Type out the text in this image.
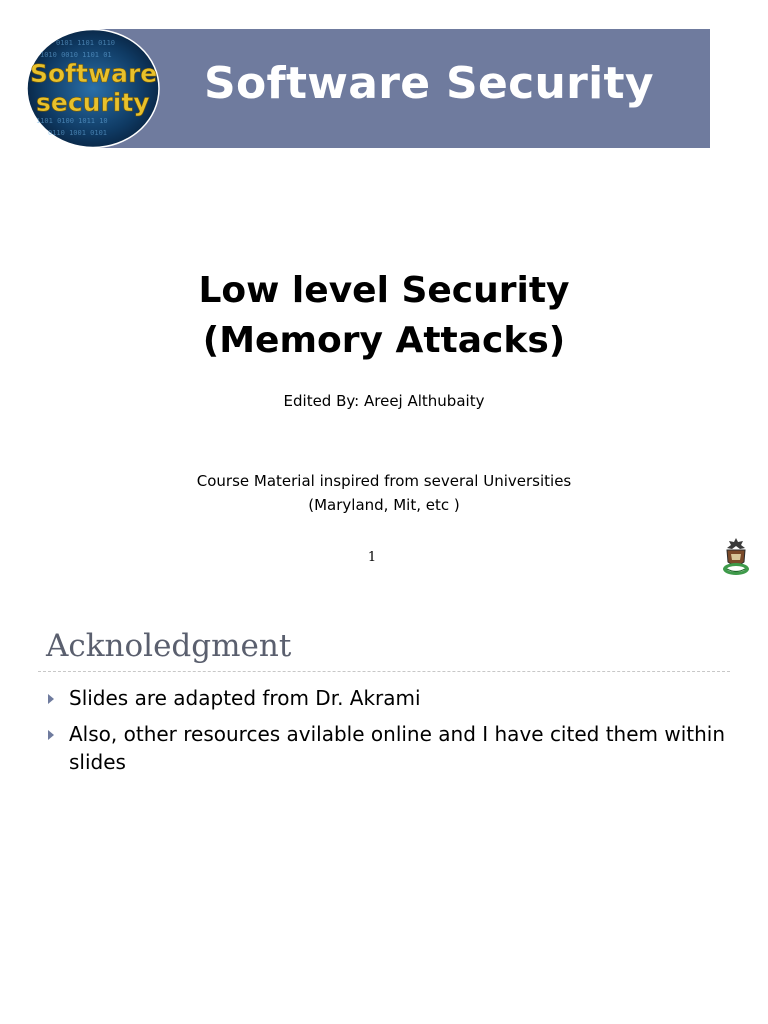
0101 1101 0110
1010 0010 1101 01
1101 0100 1011 10
0110 1001 0101
Software
security Software Security
Low level Security
(Memory Attacks)
Edited By: Areej Althubaity
Course Material inspired from several Universities
(Maryland, Mit, etc )
1
Acknoledgment
Slides are adapted from Dr. Akrami
Also, other resources avilable online and I have cited them within slides
